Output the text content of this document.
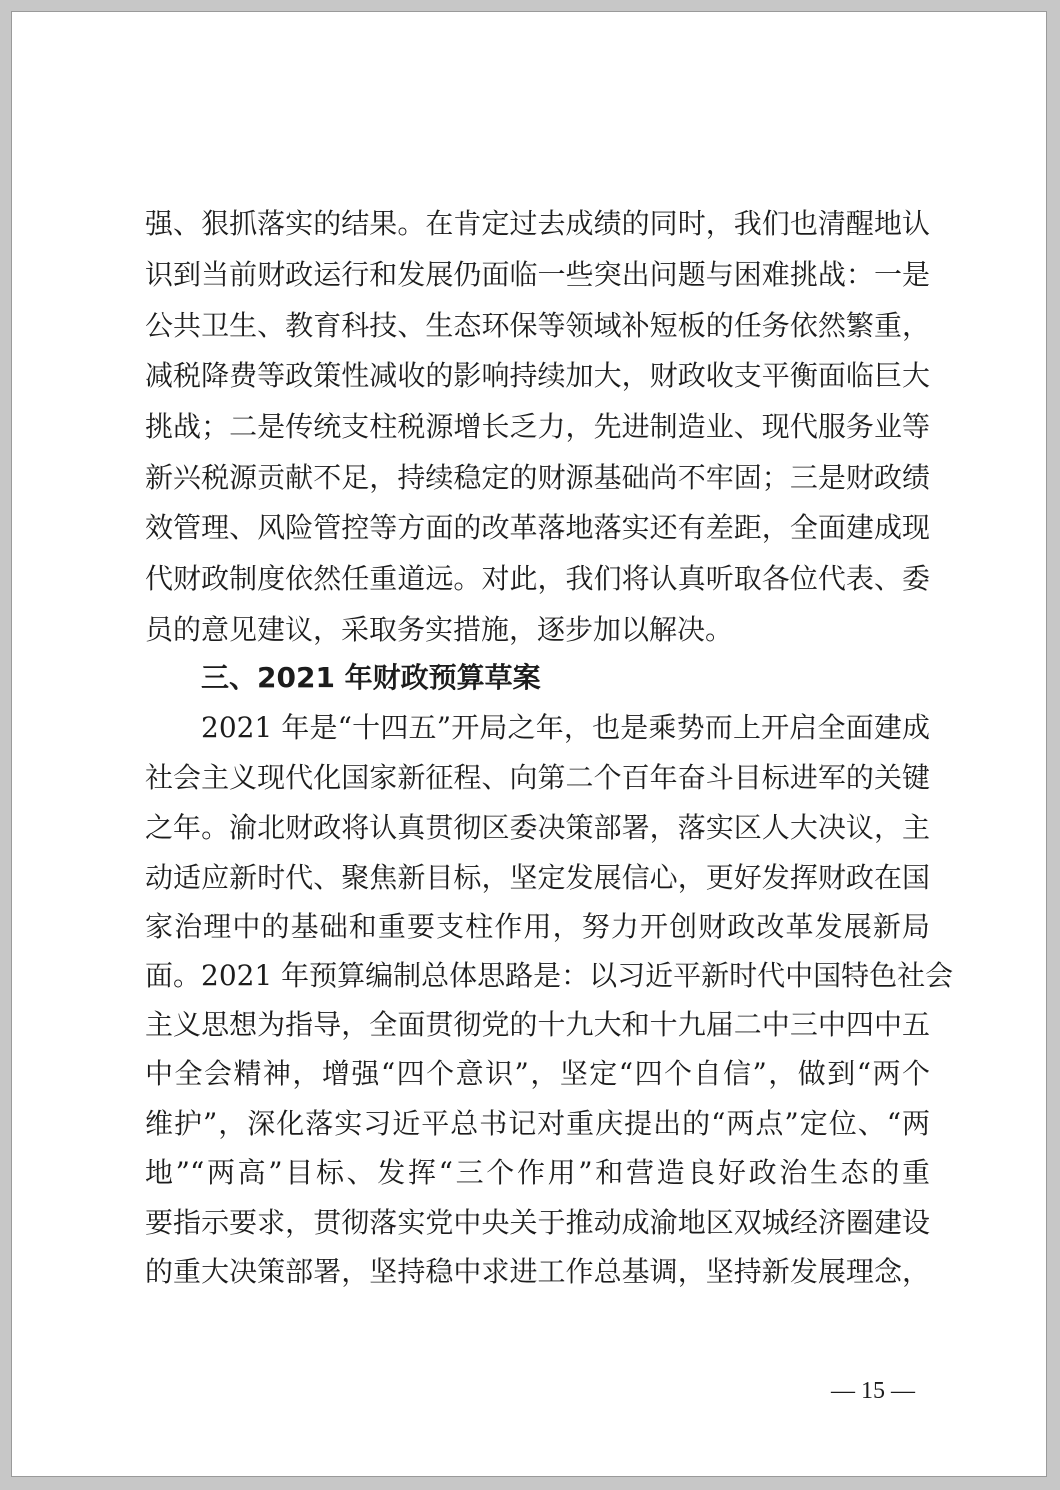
强、狠抓落实的结果。在肯定过去成绩的同时，我们也清醒地认
识到当前财政运行和发展仍面临一些突出问题与困难挑战：一是
公共卫生、教育科技、生态环保等领域补短板的任务依然繁重，
减税降费等政策性减收的影响持续加大，财政收支平衡面临巨大
挑战；二是传统支柱税源增长乏力，先进制造业、现代服务业等
新兴税源贡献不足，持续稳定的财源基础尚不牢固；三是财政绩
效管理、风险管控等方面的改革落地落实还有差距，全面建成现
代财政制度依然任重道远。对此，我们将认真听取各位代表、委
员的意见建议，采取务实措施，逐步加以解决。
三、2021 年财政预算草案
2021 年是“十四五”开局之年，也是乘势而上开启全面建成
社会主义现代化国家新征程、向第二个百年奋斗目标进军的关键
之年。渝北财政将认真贯彻区委决策部署，落实区人大决议，主
动适应新时代、聚焦新目标，坚定发展信心，更好发挥财政在国
家治理中的基础和重要支柱作用，努力开创财政改革发展新局
面。2021 年预算编制总体思路是：以习近平新时代中国特色社会
主义思想为指导，全面贯彻党的十九大和十九届二中三中四中五
中全会精神，增强“四个意识”，坚定“四个自信”，做到“两个
维护”，深化落实习近平总书记对重庆提出的“两点”定位、“两
地”“两高”目标、发挥“三个作用”和营造良好政治生态的重
要指示要求，贯彻落实党中央关于推动成渝地区双城经济圈建设
的重大决策部署，坚持稳中求进工作总基调，坚持新发展理念，
— 15 —
